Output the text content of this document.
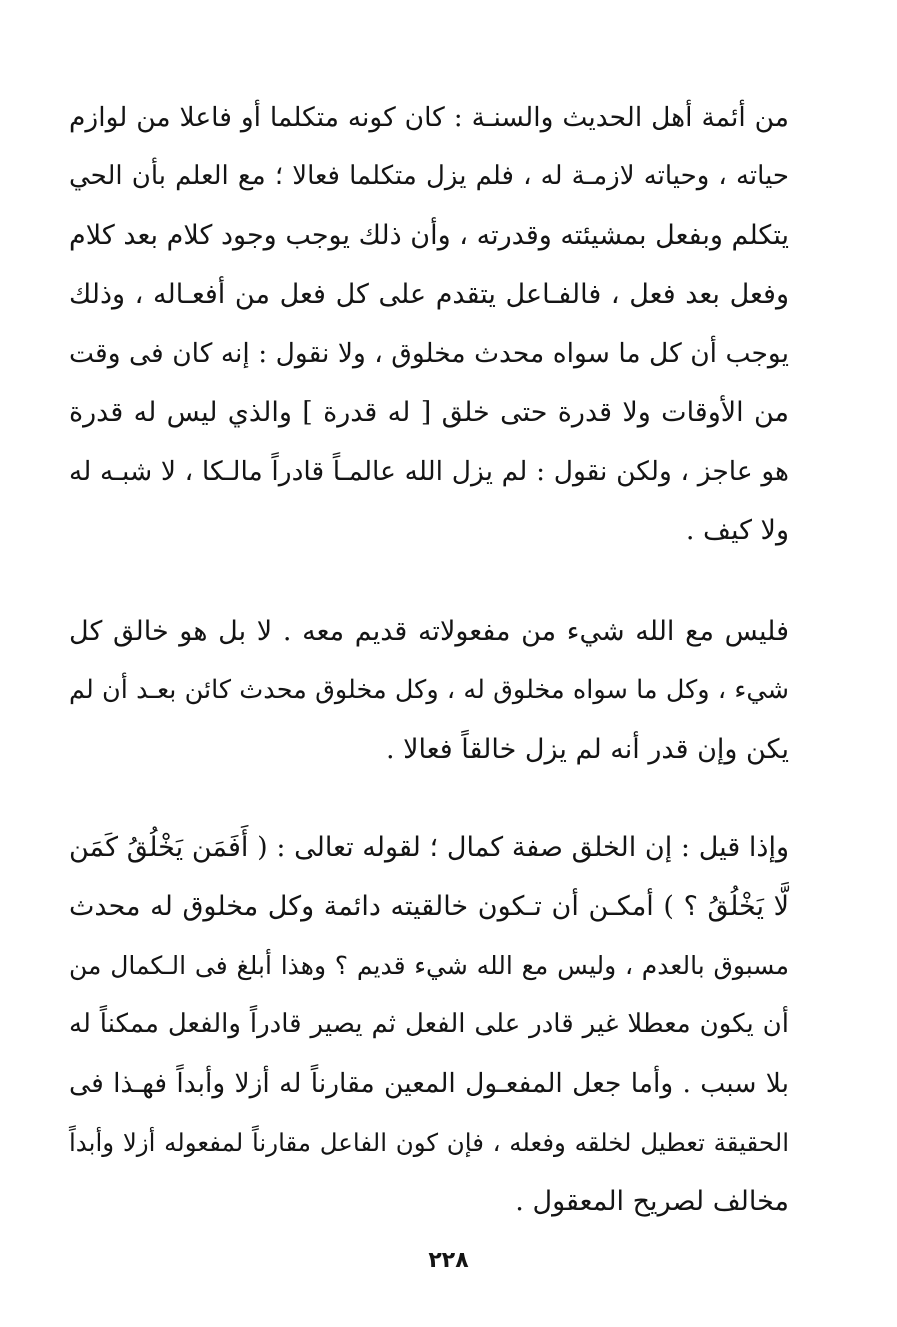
من أئمة أهل الحديث والسنـة : كان كونه متكلما أو فاعلا من لوازم
حياته ، وحياته لازمـة له ، فلم يزل متكلما فعالا ؛ مع العلم بأن الحي
يتكلم وبفعل بمشيئته وقدرته ، وأن ذلك يوجب وجود كلام بعد كلام
وفعل بعد فعل ، فالفـاعل يتقدم على كل فعل من أفعـاله ، وذلك
يوجب أن كل ما سواه محدث مخلوق ، ولا نقول : إنه كان فى وقت
من الأوقات ولا قدرة حتى خلق [ له قدرة ] والذي ليس له قدرة
هو عاجز ، ولكن نقول : لم يزل الله عالمـاً قادراً مالـكا ، لا شبـه له
ولا كيف .
فليس مع الله شيء من مفعولاته قديم معه . لا بل هو خالق كل
شيء ، وكل ما سواه مخلوق له ، وكل مخلوق محدث كائن بعـد أن لم
يكن وإن قدر أنه لم يزل خالقاً فعالا .
وإذا قيل : إن الخلق صفة كمال ؛ لقوله تعالى : ( أَفَمَن يَخْلُقُ كَمَن
لَّا يَخْلُقُ ؟ ) أمكـن أن تـكون خالقيته دائمة وكل مخلوق له محدث
مسبوق بالعدم ، وليس مع الله شيء قديم ؟ وهذا أبلغ فى الـكمال من
أن يكون معطلا غير قادر على الفعل ثم يصير قادراً والفعل ممكناً له
بلا سبب . وأما جعل المفعـول المعين مقارناً له أزلا وأبداً فهـذا فى
الحقيقة تعطيل لخلقه وفعله ، فإن كون الفاعل مقارناً لمفعوله أزلا وأبداً
مخالف لصريح المعقول .
٢٢٨
